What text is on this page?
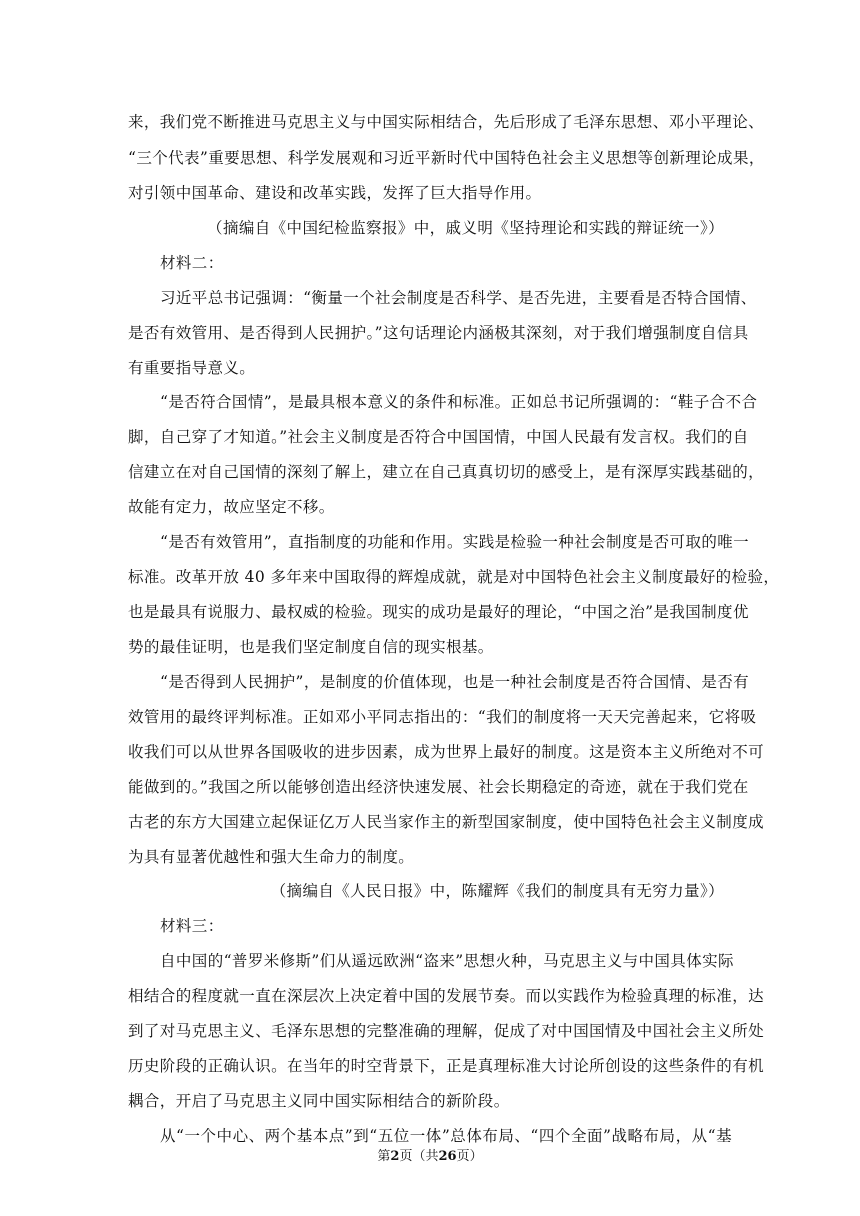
来，我们党不断推进马克思主义与中国实际相结合，先后形成了毛泽东思想、邓小平理论、
“三个代表”重要思想、科学发展观和习近平新时代中国特色社会主义思想等创新理论成果，
对引领中国革命、建设和改革实践，发挥了巨大指导作用。
（摘编自《中国纪检监察报》中，戚义明《坚持理论和实践的辩证统一》）
材料二：
习近平总书记强调：“衡量一个社会制度是否科学、是否先进，主要看是否特合国情、
是否有效管用、是否得到人民拥护。”这句话理论内涵极其深刻，对于我们增强制度自信具
有重要指导意义。
“是否符合国情”，是最具根本意义的条件和标准。正如总书记所强调的：“鞋子合不合
脚，自己穿了才知道。”社会主义制度是否符合中国国情，中国人民最有发言权。我们的自
信建立在对自己国情的深刻了解上，建立在自己真真切切的感受上，是有深厚实践基础的，
故能有定力，故应坚定不移。
“是否有效管用”，直指制度的功能和作用。实践是检验一种社会制度是否可取的唯一
标准。改革开放 40 多年来中国取得的辉煌成就，就是对中国特色社会主义制度最好的检验，
也是最具有说服力、最权威的检验。现实的成功是最好的理论，“中国之治”是我国制度优
势的最佳证明，也是我们坚定制度自信的现实根基。
“是否得到人民拥护”，是制度的价值体现，也是一种社会制度是否符合国情、是否有
效管用的最终评判标准。正如邓小平同志指出的：“我们的制度将一天天完善起来，它将吸
收我们可以从世界各国吸收的进步因素，成为世界上最好的制度。这是资本主义所绝对不可
能做到的。”我国之所以能够创造出经济快速发展、社会长期稳定的奇迹，就在于我们党在
古老的东方大国建立起保证亿万人民当家作主的新型国家制度，使中国特色社会主义制度成
为具有显著优越性和强大生命力的制度。
（摘编自《人民日报》中，陈耀辉《我们的制度具有无穷力量》）
材料三：
自中国的“普罗米修斯”们从遥远欧洲“盗来”思想火种，马克思主义与中国具体实际
相结合的程度就一直在深层次上决定着中国的发展节奏。而以实践作为检验真理的标准，达
到了对马克思主义、毛泽东思想的完整准确的理解，促成了对中国国情及中国社会主义所处
历史阶段的正确认识。在当年的时空背景下，正是真理标准大讨论所创设的这些条件的有机
耦合，开启了马克思主义同中国实际相结合的新阶段。
从“一个中心、两个基本点”到“五位一体”总体布局、“四个全面”战略布局，从“基
第2页（共26页）
